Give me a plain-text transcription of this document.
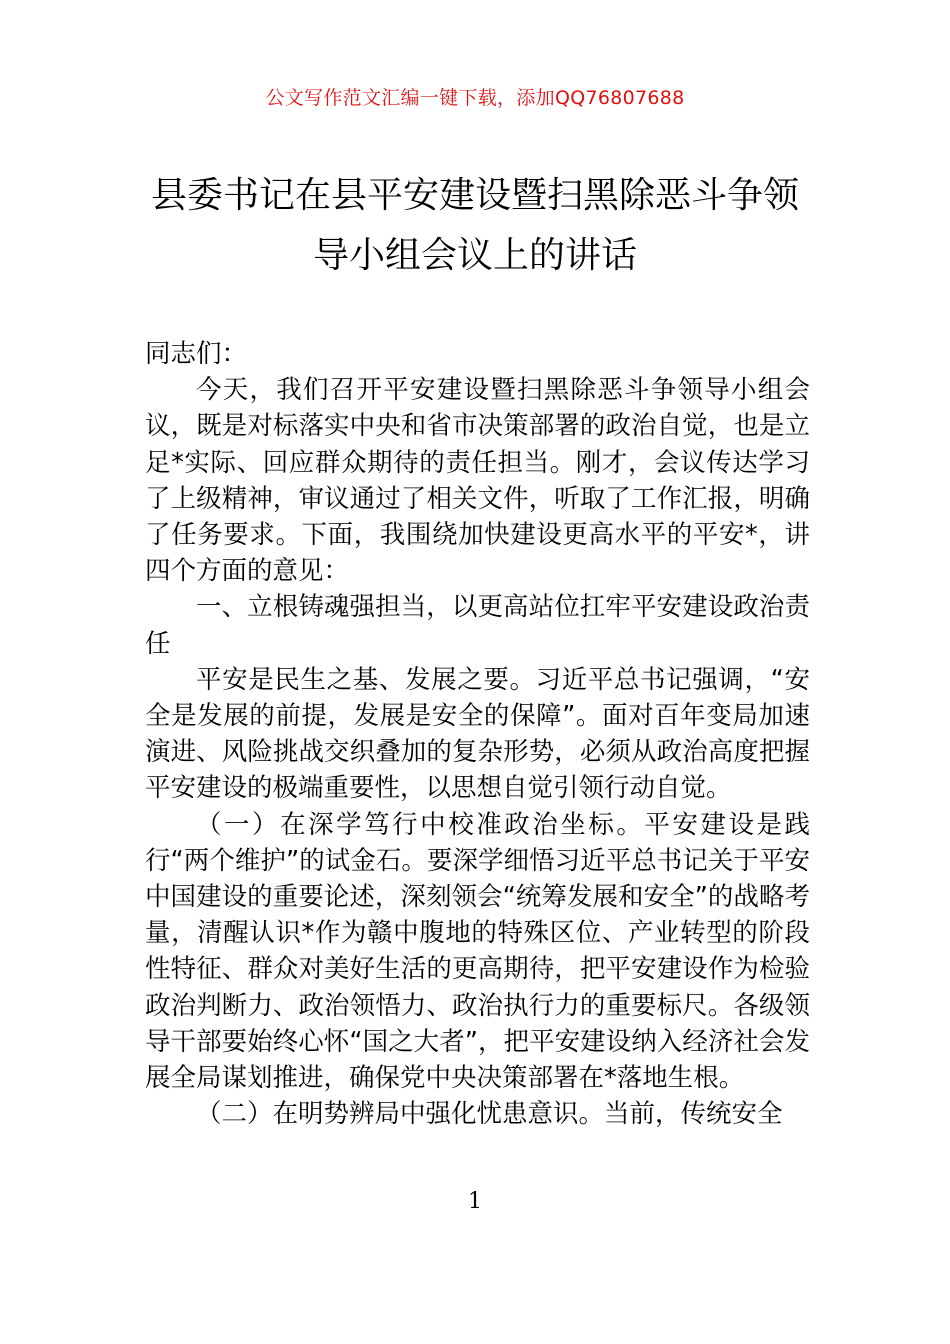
公文写作范文汇编一键下载，添加QQ76807688
县委书记在县平安建设暨扫黑除恶斗争领
导小组会议上的讲话

同志们：

今天，我们召开平安建设暨扫黑除恶斗争领导小组会议，既是对标落实中央和省市决策部署的政治自觉，也是立足*实际、回应群众期待的责任担当。刚才，会议传达学习了上级精神，审议通过了相关文件，听取了工作汇报，明确了任务要求。下面，我围绕加快建设更高水平的平安*，讲四个方面的意见：

一、立根铸魂强担当，以更高站位扛牢平安建设政治责任

平安是民生之基、发展之要。习近平总书记强调，“安全是发展的前提，发展是安全的保障”。面对百年变局加速演进、风险挑战交织叠加的复杂形势，必须从政治高度把握平安建设的极端重要性，以思想自觉引领行动自觉。

（一）在深学笃行中校准政治坐标。平安建设是践行“两个维护”的试金石。要深学细悟习近平总书记关于平安中国建设的重要论述，深刻领会“统筹发展和安全”的战略考量，清醒认识*作为赣中腹地的特殊区位、产业转型的阶段性特征、群众对美好生活的更高期待，把平安建设作为检验政治判断力、政治领悟力、政治执行力的重要标尺。各级领导干部要始终心怀“国之大者”，把平安建设纳入经济社会发展全局谋划推进，确保党中央决策部署在*落地生根。

（二）在明势辨局中强化忧患意识。当前，传统安全

1
